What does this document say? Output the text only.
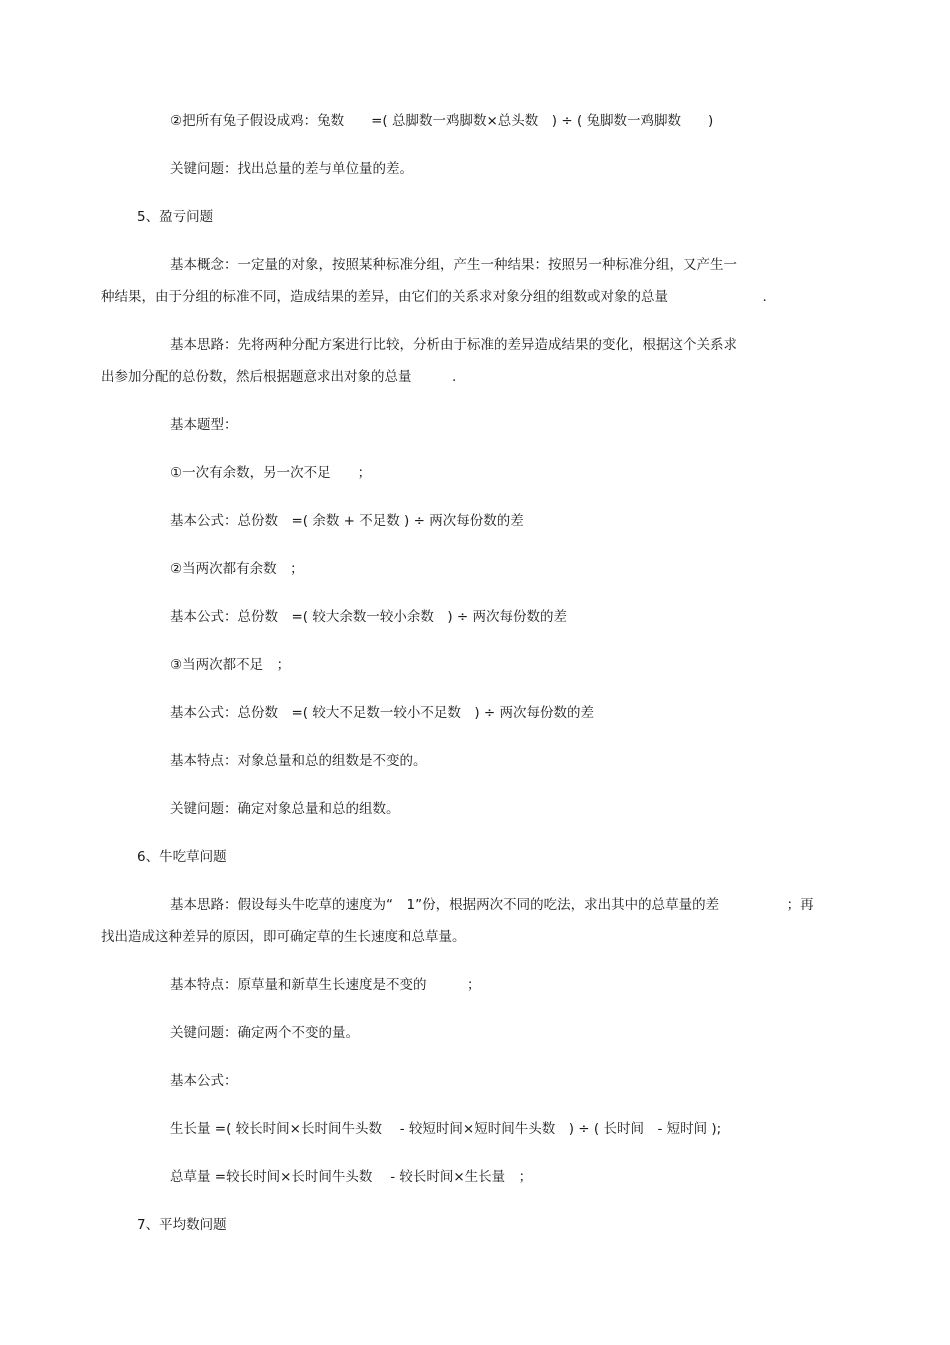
②把所有兔子假设成鸡：兔数　　=( 总脚数一鸡脚数×总头数　) ÷ ( 兔脚数一鸡脚数　　)
关键问题：找出总量的差与单位量的差。
5、盈亏问题
基本概念：一定量的对象，按照某种标准分组，产生一种结果：按照另一种标准分组，又产生一
种结果，由于分组的标准不同，造成结果的差异，由它们的关系求对象分组的组数或对象的总量　　　　　　　.
基本思路：先将两种分配方案进行比较，分析由于标准的差异造成结果的变化，根据这个关系求
出参加分配的总份数，然后根据题意求出对象的总量　　　.
基本题型：
①一次有余数，另一次不足　　；
基本公式：总份数　=( 余数 + 不足数 ) ÷ 两次每份数的差
②当两次都有余数　；
基本公式：总份数　=( 较大余数一较小余数　) ÷ 两次每份数的差
③当两次都不足　；
基本公式：总份数　=( 较大不足数一较小不足数　) ÷ 两次每份数的差
基本特点：对象总量和总的组数是不变的。
关键问题：确定对象总量和总的组数。
6、牛吃草问题
基本思路：假设每头牛吃草的速度为“　1”份，根据两次不同的吃法，求出其中的总草量的差　　　　　；再
找出造成这种差异的原因，即可确定草的生长速度和总草量。
基本特点：原草量和新草生长速度是不变的　　　；
关键问题：确定两个不变的量。
基本公式：
生长量 =( 较长时间×长时间牛头数　 - 较短时间×短时间牛头数　) ÷ ( 长时间　- 短时间 );
总草量 =较长时间×长时间牛头数　 - 较长时间×生长量　；
7、平均数问题
